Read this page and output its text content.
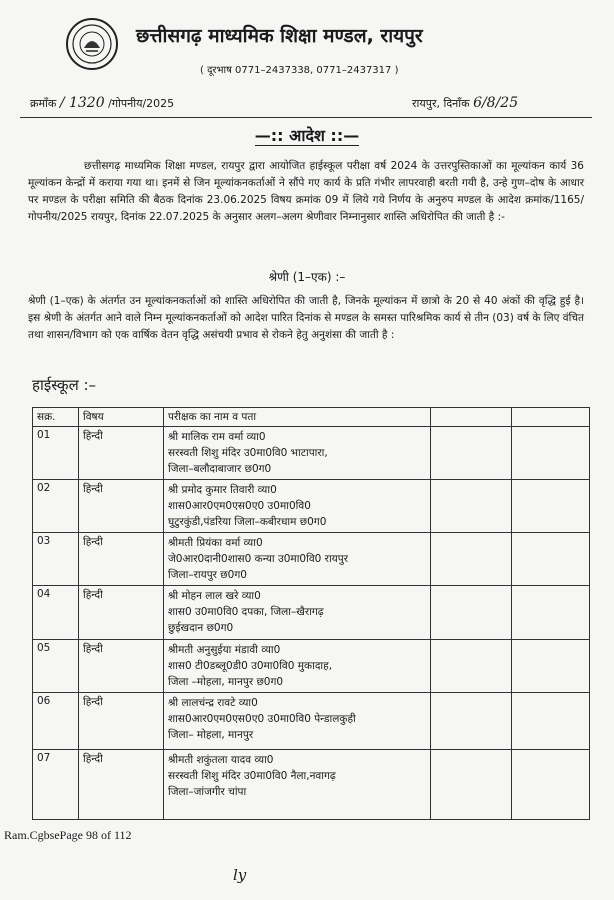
छत्तीसगढ़ माध्यमिक शिक्षा मण्डल, रायपुर
( दूरभाष 0771–2437338, 0771–2437317 )
क्रमाँक / 1320 /गोपनीय/2025	रायपुर, दिनाँक 6/8/25
—:: आदेश ::—
छत्तीसगढ़ माध्यमिक शिक्षा मण्डल, रायपुर द्वारा आयोजित हाईस्कूल परीक्षा वर्ष 2024 के उत्तरपुस्तिकाओं का मूल्यांकन कार्य 36 मूल्यांकन केन्द्रों में कराया गया था। इनमें से जिन मूल्यांकनकर्ताओं ने सौंपे गए कार्य के प्रति गंभीर लापरवाही बरती गयी है, उन्हे गुण–दोष के आधार पर मण्डल के परीक्षा समिति की बैठक दिनांक 23.06.2025 विषय क्रमांक 09 में लिये गये निर्णय के अनुरुप मण्डल के आदेश क्रमांक/1165/गोपनीय/2025 रायपुर, दिनांक 22.07.2025 के अनुसार अलग–अलग श्रेणीवार निम्नानुसार शास्ति अधिरोपित की जाती है :-
श्रेणी (1–एक) :–
श्रेणी (1–एक) के अंतर्गत उन मूल्यांकनकर्ताओं को शास्ति अधिरोपित की जाती है, जिनके मूल्यांकन में छात्रो के 20 से 40 अंकों की वृद्धि हुई है। इस श्रेणी के अंतर्गत आने वाले निम्न मूल्यांकनकर्ताओं को आदेश पारित दिनांक से मण्डल के समस्त पारिश्रमिक कार्य से तीन (03) वर्ष के लिए वंचित तथा शासन/विभाग को एक वार्षिक वेतन वृद्धि असंचयी प्रभाव से रोकने हेतु अनुशंसा की जाती है :
हाईस्कूल :–
सक्र.	विषय	परीक्षक का नाम व पता		
01	हिन्दी	श्री मालिक राम वर्मा व्या0
सरस्वती शिशु मंदिर उ0मा0वि0 भाटापारा,
जिला–बलौदाबाजार छ0ग0		

02	हिन्दी	श्री प्रमोद कुमार तिवारी व्या0
शास0आर0एम0एस0ए0 उ0मा0वि0
घुटुरकुंडी,पंडरिया जिला–कबीरधाम छ0ग0		

03	हिन्दी	श्रीमती प्रियंका वर्मा व्या0
जे0आर0दानी0शास0 कन्या उ0मा0वि0 रायपुर
जिला–रायपुर छ0ग0		

04	हिन्दी	श्री मोहन लाल खरे व्या0
शास0 उ0मा0वि0 दपका, जिला–खैरागढ़
छुईखदान छ0ग0		

05	हिन्दी	श्रीमती अनुसुईया मंडावी व्या0
शास0 टी0डब्लू0डी0 उ0मा0वि0 मुकादाह,
जिला –मोहला, मानपुर छ0ग0		

06	हिन्दी	श्री लालचंन्द्र रावटे व्या0
शास0आर0एम0एस0ए0 उ0मा0वि0 पेन्डालकुही
जिला– मोहला, मानपुर		

07	हिन्दी	श्रीमती शकुंतला यादव व्या0
सरस्वती शिशु मंदिर उ0मा0वि0 नैला,नवागढ़
जिला–जांजगीर चांपा		

Ram.CgbsePage 98 of 112
ly
